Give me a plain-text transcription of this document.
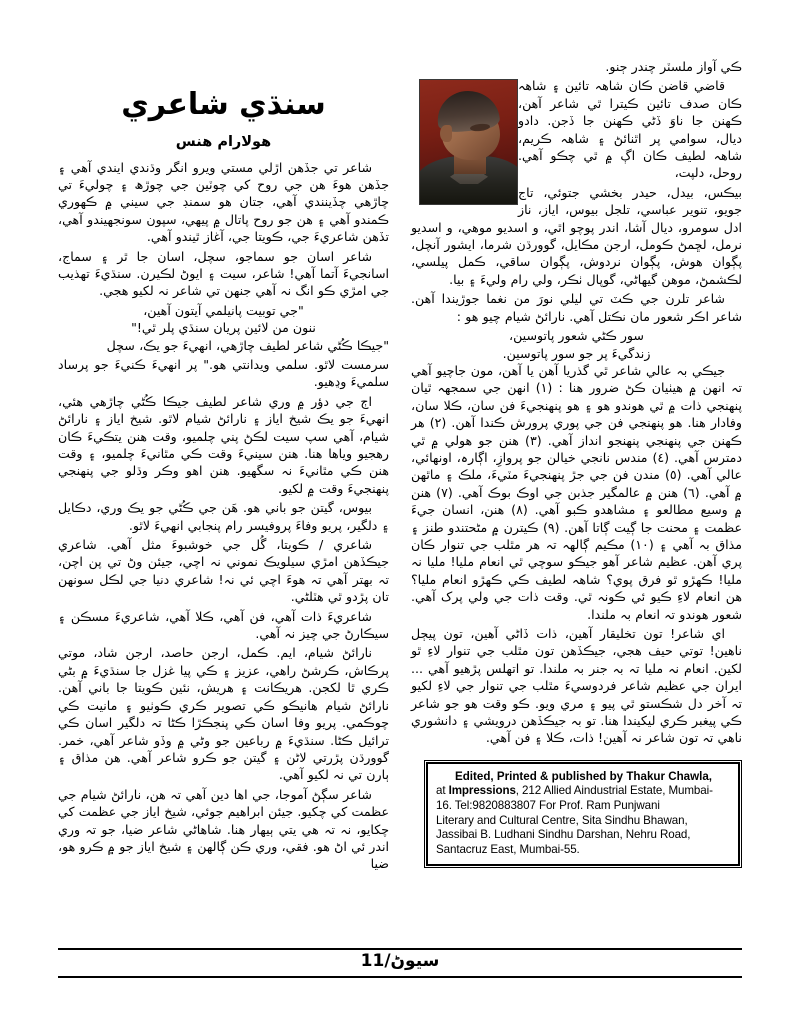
سنڌي شاعري
هولارام هنس

شاعر تي جڏهن اڙلي مستي ويرو انگر وڌندي ايندي آهي ۽ جڏهن هوءَ هن جي روح کي چوٽين جي چوڙھ ۽ چوليءَ تي چاڙهي چڏينندي آهي، جتان هو سمنڊ جي سيني ۾ ڪهوري ڪمندو آهي ۽ هن جو روح پاتال ۾ پيهي، سپون سونجهيندو آهي، تڏهن شاعريءَ جي، ڪويتا جي، آغاز ٿيندو آهي.

شاعر اسان جو سماجو، سچل، اسان جا ٿر ۽ سماج، اسانجيءَ آتما آهي! شاعر، سيت ۽ ايوڻ لڪيرن. سنڌيءَ تهذيب جي امڙي ڪو انگ نہ آهي جنهن تي شاعر نہ لکيو هجي.

"جي توبيت پانيلمي آيتون آهين،

ننون من لائين پريان سنڌي پلر ٿي!"

"جيڪا ڪُڻي شاعر لطيف چاڙهي، انهيءَ جو يڪ، سچل

سرمست لاٿو. سلمي ويدانتي هو." پر انهيءَ ڪنيءَ جو پرساد سلميءَ وڍهيو.

اڄ جي دؤر ۾ وري شاعر لطيف جيڪا ڪُڻي چاڙهي هئي، انهيءَ جو يڪ شيخ اياز ۽ نارائڻ شيام لاٿو. شيخ اياز ۽ نارائڻ شيام، آهي سپ سيت لڪڻ پني چلميو، وقت هنن يتڪيءَ ڪان رهجيو وياها هنا. هنن سينيءَ وقت ڪي مٿانيءَ چلميو، ۽ وقت هنن ڪي مٿانيءَ نہ سگهيو. هنن اهو وڪر وڌلو جي پنهنجي پنهنجيءَ وقت ۾ لکيو.

بيوس، گيتن جو باني هو. هَن جي ڪُڻي جو يڪ وري، دڪايل ۽ دلگير، پريو وفاءَ پروفيسر رام پنجابي انهيءَ لاٿو.

شاعري / ڪويتا، گُل جي خوشبوءَ مثل آهي. شاعري جيڪڏهن امڙي سيلويڪ نموني نہ اچي، جيئن وڻ تي پن اچن، تہ بهتر آهي تہ هوءَ اچي ئي نہ! شاعري دنيا جي لڪل سونهن تان پڙدو ٿي هٽلڻي.

شاعريءَ ذات آهي، فن آهي، ڪلا آهي، شاعريءَ مسڪن ۽ سيڪارڻ جي چيز نہ آهي.

نارائڻ شيام، ايم. ڪمل، ارجن حاصد، ارجن شاد، موتي پرڪاش، ڪرشڻ راهي، عزيز ۽ ڪي پيا غزل جا سنڌيءَ ۾ بڻي ڪري ٿا لکجن. هريڪانت ۽ هريش، نئين ڪويتا جا باني آهن. نارائڻ شيام هانيڪو ڪي تصوير ڪري ڪوٺيو ۽ مانيت ڪي چوڪمي. پريو وفا اسان ڪي پنجڪڙا ڪڻا تہ دلگير اسان ڪي ترائيل ڪڻا. سنڌيءَ ۾ رباعين جو وڻي ۾ وڏو شاعر آهي، خمر. گوورڌن پڙرتي لاڻن ۽ گيتن جو ڪرو شاعر آهي. هن مذاق ۽ ٻارن تي نہ لکيو آهي.

شاعر سڳڻ آموجا، جي اها دين آهي تہ هن، نارائڻ شيام جي عظمت کي چکيو. جيئن ابراهيم جوئي، شيخ اياز جي عظمت کي چکايو، نہ تہ هي يتي ٻيهار ھنا. شاهاڻي شاعر ضيا، جو تہ وري اندر ئي اڻ هو. فقي، وري ڪن ڳالهن ۽ شيخ اياز جو ۾ ڪرو هو، ضيا

ڪي آواز ملسٽر چندر ڄنو.

قاضي قاضن ڪان شاهہ تائين ۽ شاهہ ڪان صدف تائين ڪيترا ٿي شاعر آهن، ڪهنن جا ناوَ ڏڻي ڪهنن جا ڏجن. دادو ديال، سوامي پر اٿنائڻ ۽ شاهہ ڪريم، شاهہ لطيف ڪان اڳ ۾ ٿي چڪو آهي. روحل، دلپت،

بيڪس، بيدل، حيدر بخشي جتوئي، تاج جويو، تنوير عباسي، تلجل بيوس، اياز، ناز ادل سومرو، ديال آشا، اندر پوچو اٿي، و اسديو موهي، و اسديو نرمل، لڇمڻ ڪومل، ارجن مڪايل، گوورڌن شرما، ايشور آنچل، پڳوان هوش، پڳوان نردوش، پڳوان ساقي، ڪمل پيلسي، لڪشمڻ، موهن گيهاڻي، گوپال ٺڪر، ولي رام وليءَ ۽ بيا.

شاعر تلرن جي ڪٽ تي ليلي نورَ من نغما جوڙيندا آهن. شاعر اڪر شعور مان نڪتل آهي. نارائڻ شيام چيو هو :

سور ڪڻي شعور پاتوسين،

زندگيءَ پر جو سور پاتوسين.

جيڪي بہ عالي شاعر ٿي گذريا آهن يا آهن، مون جاچيو آهي تہ انهن ۾ هيٺيان ڪڻ ضرور هنا : (١) انهن جي سمجهہ ٿيان پنهنجي ذات ۾ ٿي هوندو هو ۽ هو پنهنجيءَ فن سان، ڪلا سان، وفادار هنا. هو پنهنجي فن جي پوري پرورش ڪندا آهن. (٢) هر ڪهنن جي پنهنجي پنهنجو انداز آهي. (٣) هنن جو هولي ۾ ٿي دمترس آهي. (٤) مندس نانجي خيالن جو پروازِ، اڳارہ، اونهائي، عالي آهي. (٥) مندن فن جي جڙ پنهنجيءَ مٽيءَ، ملڪ ۽ ماٿهن ۾ آهي. (٦) هنن ۾ عالمگير جذبن جي اوڪ بوڪ آهي. (٧) هنن ۾ وسيع مطالعو ۽ مشاهدو ڪبو آهي. (٨) هنن، انسان جيءَ عظمت ۽ محنت جا ڳيت ڳاتا آهن. (٩) ڪيترن ۾ مڻحتندو طنز ۽ مذاق بہ آهي ۽ (١٠) مڪيم ڳالهہ تہ هر مٿلب جي تنوار ڪان پري آهن. عظيم شاعر آهو جيڪو سوچي ٿي انعام مليا! مليا نہ مليا! ڪهڙو ٿو فرق پوي؟ شاهہ لطيف ڪي ڪهڙو انعام مليا؟ هن انعام لاءِ ڪيو ئي ڪونہ ٿي. وقت ذات جي ولي پرک آهي. شعور هوندو تہ انعام بہ ملندا.

اي شاعر! تون تخليقار آهين، ذات ڏاڻي آهين، تون پيڄل ناهين! توتي حيف هجي، جيڪڏهن تون مٿلب جي تنوار لاءِ ٿو لکين. انعام نہ مليا تہ بہ جنر بہ ملندا. تو اتهلس پڙهيو آهي ... ايران جي عظيم شاعر فردوسيءَ مٿلب جي تنوار جي لاءِ لکيو تہ آخر دل شڪستو ٿي پيو ۽ مري ويو. ڪو وقت هو جو شاعر ڪي پيغبر ڪري ليکيندا هنا. تو بہ جيڪڏهن درويشي ۽ دانشوري ناهي تہ تون شاعر نہ آهين! ذات، ڪلا ۽ فن آهي.

Edited, Printed & published by Thakur Chawla,

at Impressions, 212 Allied Aindustrial Estate, Mumbai-

16. Tel:9820883807 For Prof. Ram Punjwani

Literary and Cultural Centre, Sita Sindhu Bhawan,

Jassibai B. Ludhani Sindhu Darshan, Nehru Road,

Santacruz East, Mumbai-55.

سيوڻ/11
